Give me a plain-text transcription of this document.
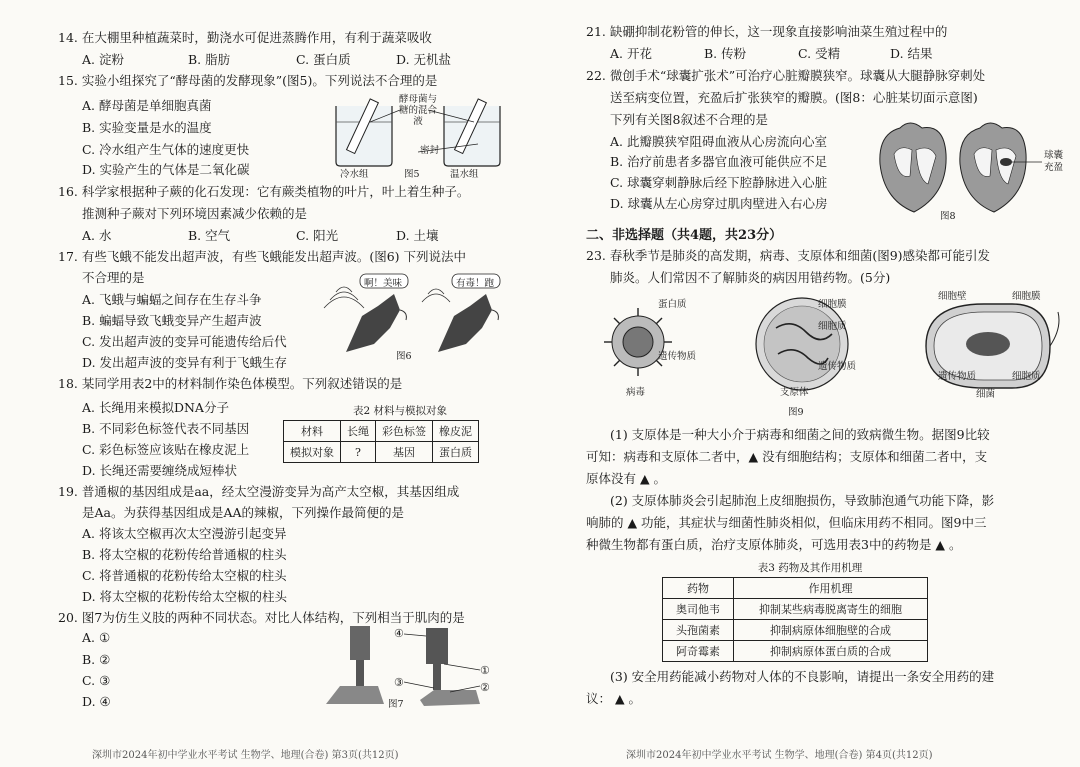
14. 在大棚里种植蔬菜时，勤浇水可促进蒸腾作用，有利于蔬菜吸收
A. 淀粉	B. 脂肪	C. 蛋白质	D. 无机盐
15. 实验小组探究了“酵母菌的发酵现象”(图5)。下列说法不合理的是
A. 酵母菌是单细胞真菌
B. 实验变量是水的温度
C. 冷水组产生气体的速度更快
D. 实验产生的气体是二氧化碳
酵母菌与糖的混合液
密封
冷水组	温水组
图5
16. 科学家根据种子蕨的化石发现：它有蕨类植物的叶片，叶上着生种子。
推测种子蕨对下列环境因素减少依赖的是
A. 水	B. 空气	C. 阳光	D. 土壤
17. 有些飞蛾不能发出超声波，有些飞蛾能发出超声波。(图6) 下列说法中
不合理的是
A. 飞蛾与蝙蝠之间存在生存斗争
B. 蝙蝠导致飞蛾变异产生超声波
C. 发出超声波的变异可能遗传给后代
D. 发出超声波的变异有利于飞蛾生存
啊！美味	有毒！跑
图6
18. 某同学用表2中的材料制作染色体模型。下列叙述错误的是
A. 长绳用来模拟DNA分子
B. 不同彩色标签代表不同基因
C. 彩色标签应该贴在橡皮泥上
D. 长绳还需要缠绕成短棒状
表2 材料与模拟对象
材料	长绳	彩色标签	橡皮泥
模拟对象	?	基因	蛋白质
19. 普通椒的基因组成是aa，经太空漫游变异为高产太空椒，其基因组成
是Aa。为获得基因组成是AA的辣椒，下列操作最简便的是
A. 将该太空椒再次太空漫游引起变异
B. 将太空椒的花粉传给普通椒的柱头
C. 将普通椒的花粉传给太空椒的柱头
D. 将太空椒的花粉传给太空椒的柱头
20. 图7为仿生义肢的两种不同状态。对比人体结构，下列相当于肌肉的是
A. ①
B. ②
C. ③
D. ④
④
①
③	②
图7
深圳市2024年初中学业水平考试 生物学、地理(合卷) 第3页(共12页)
21. 缺硼抑制花粉管的伸长，这一现象直接影响油菜生殖过程中的
A. 开花	B. 传粉	C. 受精	D. 结果
22. 微创手术“球囊扩张术”可治疗心脏瓣膜狭窄。球囊从大腿静脉穿刺处
送至病变位置，充盈后扩张狭窄的瓣膜。(图8：心脏某切面示意图)
下列有关图8叙述不合理的是
A. 此瓣膜狭窄阻碍血液从心房流向心室
B. 治疗前患者多器官血液可能供应不足
C. 球囊穿刺静脉后经下腔静脉进入心脏
D. 球囊从左心房穿过肌肉壁进入右心房
球囊充盈
图8
二、非选择题（共4题，共23分）
23. 春秋季节是肺炎的高发期，病毒、支原体和细菌(图9)感染都可能引发
肺炎。人们常因不了解肺炎的病因用错药物。(5分)
蛋白质
遗传物质
病毒
细胞膜
细胞质
遗传物质
支原体
细胞壁	细胞膜
遗传物质	细胞质
细菌
图9
(1) 支原体是一种大小介于病毒和细菌之间的致病微生物。据图9比较
可知：病毒和支原体二者中，▲ 没有细胞结构；支原体和细菌二者中，支
原体没有 ▲ 。
(2) 支原体肺炎会引起肺泡上皮细胞损伤，导致肺泡通气功能下降，影
响肺的 ▲ 功能，其症状与细菌性肺炎相似，但临床用药不相同。图9中三
种微生物都有蛋白质，治疗支原体肺炎，可选用表3中的药物是 ▲ 。
表3 药物及其作用机理
药物	作用机理
奥司他韦	抑制某些病毒脱离寄生的细胞
头孢菌素	抑制病原体细胞壁的合成
阿奇霉素	抑制病原体蛋白质的合成
(3) 安全用药能减小药物对人体的不良影响，请提出一条安全用药的建
议： ▲ 。
深圳市2024年初中学业水平考试 生物学、地理(合卷) 第4页(共12页)
